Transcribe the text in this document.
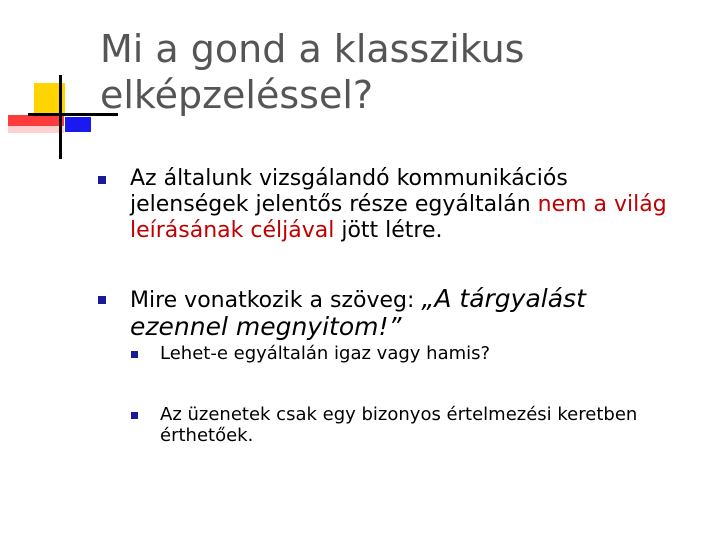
Mi a gond a klasszikus elképzeléssel?
Az általunk vizsgálandó kommunikációs jelenségek jelentős része egyáltalán nem a világ leírásának céljával jött létre.
Mire vonatkozik a szöveg: „A tárgyalást ezennel megnyitom!”
Lehet-e egyáltalán igaz vagy hamis?
Az üzenetek csak egy bizonyos értelmezési keretben érthetőek.
